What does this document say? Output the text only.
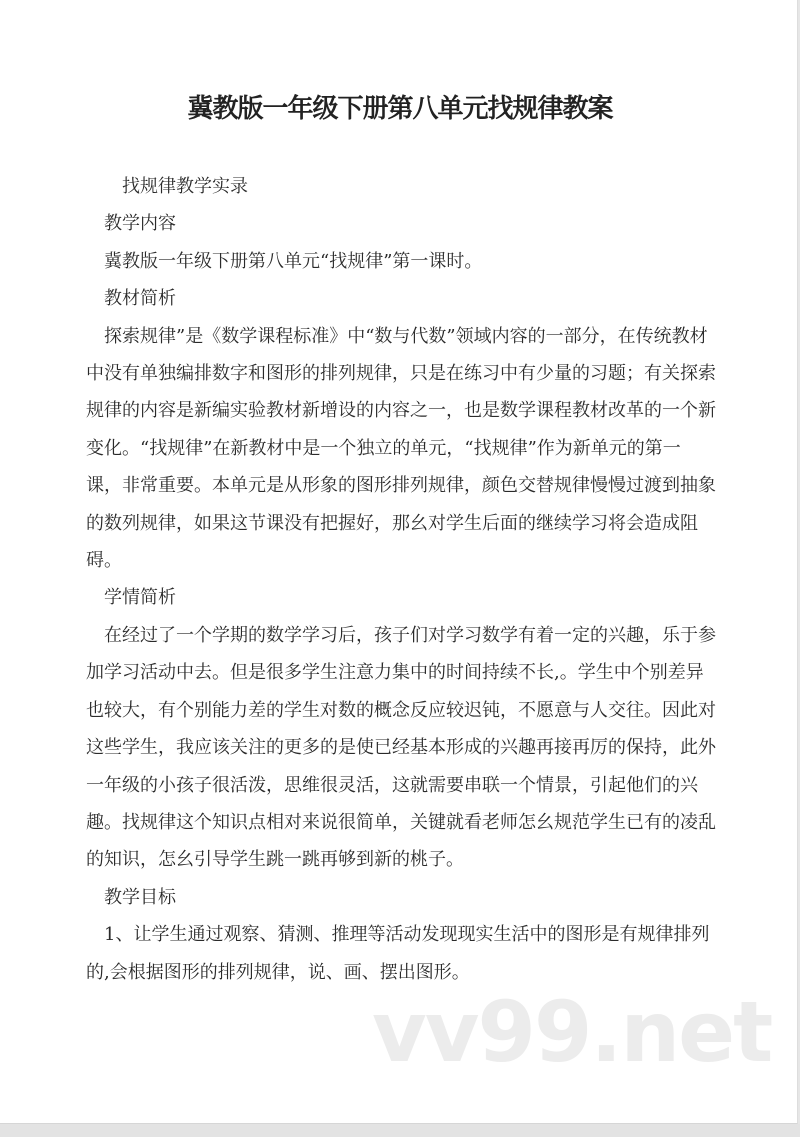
冀教版一年级下册第八单元找规律教案

找规律教学实录

教学内容

冀教版一年级下册第八单元“找规律”第一课时。

教材简析

探索规律”是《数学课程标准》中“数与代数”领域内容的一部分，在传统教材中没有单独编排数字和图形的排列规律，只是在练习中有少量的习题；有关探索规律的内容是新编实验教材新增设的内容之一，也是数学课程教材改革的一个新变化。“找规律”在新教材中是一个独立的单元，“找规律”作为新单元的第一课，非常重要。本单元是从形象的图形排列规律，颜色交替规律慢慢过渡到抽象的数列规律，如果这节课没有把握好，那幺对学生后面的继续学习将会造成阻碍。

学情简析

在经过了一个学期的数学学习后，孩子们对学习数学有着一定的兴趣，乐于参加学习活动中去。但是很多学生注意力集中的时间持续不长,。学生中个别差异也较大，有个别能力差的学生对数的概念反应较迟钝，不愿意与人交往。因此对这些学生，我应该关注的更多的是使已经基本形成的兴趣再接再厉的保持，此外一年级的小孩子很活泼，思维很灵活，这就需要串联一个情景，引起他们的兴趣。找规律这个知识点相对来说很简单，关键就看老师怎幺规范学生已有的凌乱的知识，怎幺引导学生跳一跳再够到新的桃子。

教学目标

1、让学生通过观察、猜测、推理等活动发现现实生活中的图形是有规律排列的,会根据图形的排列规律，说、画、摆出图形。

vv99.net
